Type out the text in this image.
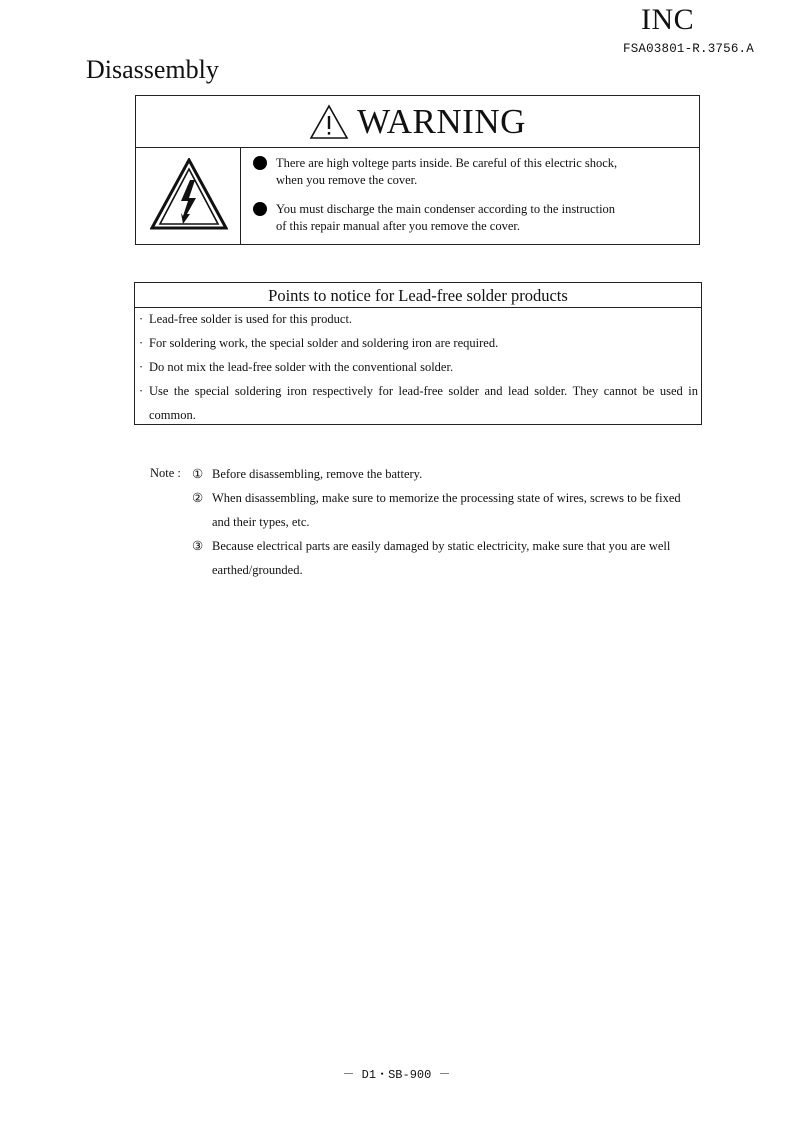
INC
FSA03801-R.3756.A
Disassembly
WARNING
There are high voltege parts inside. Be careful of this electric shock,
when you remove the cover.
You must discharge the main condenser according to the instruction
of this repair manual after you remove the cover.
Points to notice for Lead-free solder products
· Lead-free solder is used for this product.
· For soldering work, the special solder and soldering iron are required.
· Do not mix the lead-free solder with the conventional solder.
· Use the special soldering iron respectively for lead-free solder and lead solder. They cannot be used in common.
Note : ① Before disassembling, remove the battery.
② When disassembling, make sure to memorize the processing state of wires, screws to be fixed and their types, etc.
③ Because electrical parts are easily damaged by static electricity, make sure that you are well earthed/grounded.
－ D1・SB-900 －
